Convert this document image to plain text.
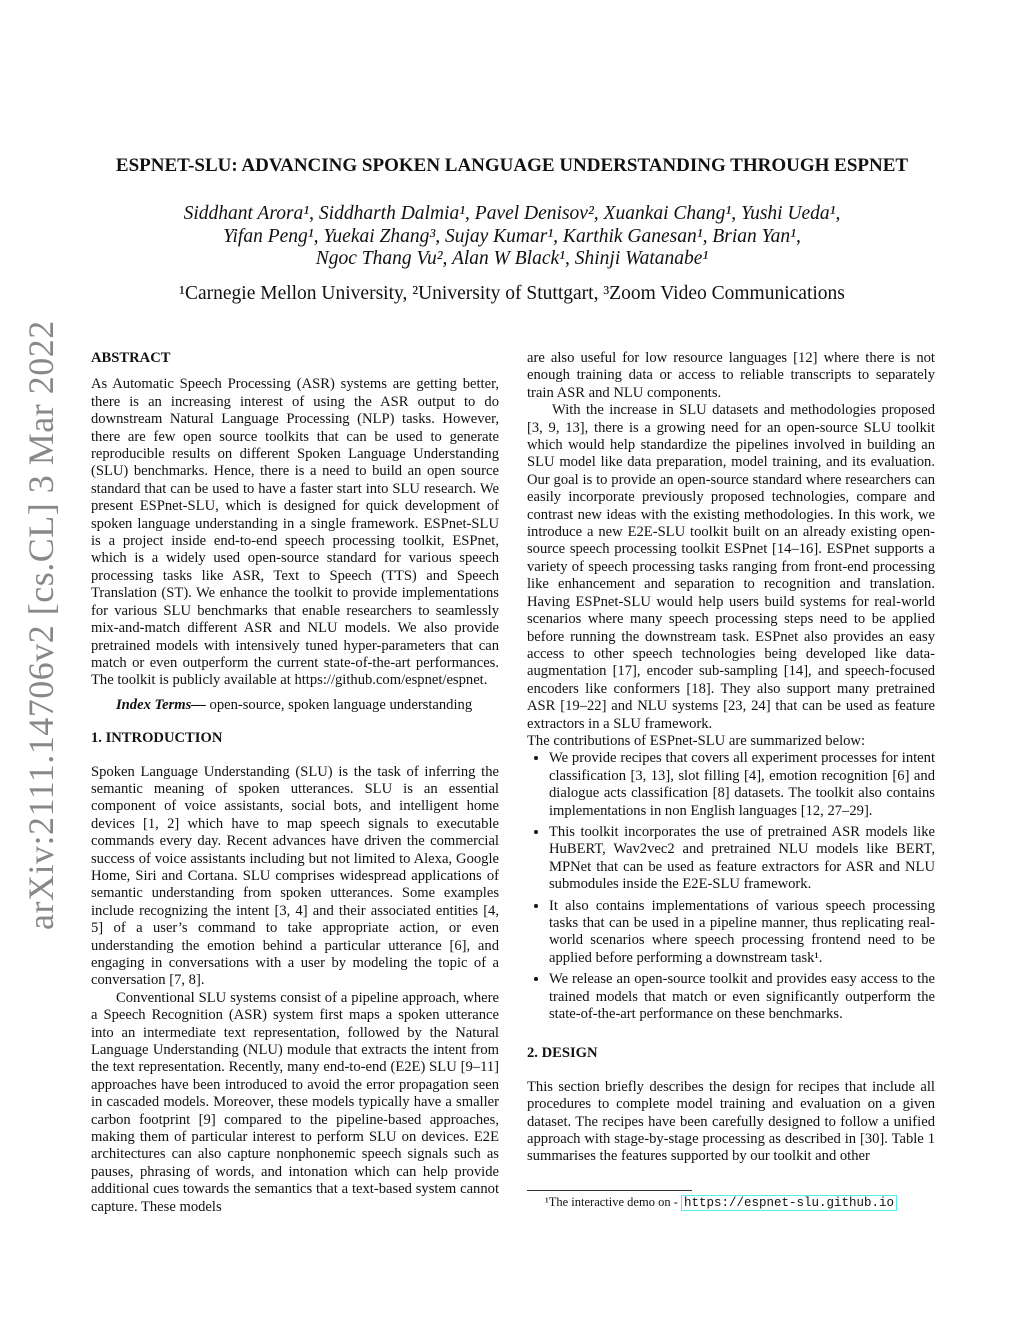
arXiv:2111.14706v2 [cs.CL] 3 Mar 2022
ESPNET-SLU: ADVANCING SPOKEN LANGUAGE UNDERSTANDING THROUGH ESPNET
Siddhant Arora¹, Siddharth Dalmia¹, Pavel Denisov², Xuankai Chang¹, Yushi Ueda¹,
Yifan Peng¹, Yuekai Zhang³, Sujay Kumar¹, Karthik Ganesan¹, Brian Yan¹,
Ngoc Thang Vu², Alan W Black¹, Shinji Watanabe¹
¹Carnegie Mellon University, ²University of Stuttgart, ³Zoom Video Communications

ABSTRACT

As Automatic Speech Processing (ASR) systems are getting better, there is an increasing interest of using the ASR output to do downstream Natural Language Processing (NLP) tasks. However, there are few open source toolkits that can be used to generate reproducible results on different Spoken Language Understanding (SLU) benchmarks. Hence, there is a need to build an open source standard that can be used to have a faster start into SLU research. We present ESPnet-SLU, which is designed for quick development of spoken language understanding in a single framework. ESPnet-SLU is a project inside end-to-end speech processing toolkit, ESPnet, which is a widely used open-source standard for various speech processing tasks like ASR, Text to Speech (TTS) and Speech Translation (ST). We enhance the toolkit to provide implementations for various SLU benchmarks that enable researchers to seamlessly mix-and-match different ASR and NLU models. We also provide pretrained models with intensively tuned hyper-parameters that can match or even outperform the current state-of-the-art performances. The toolkit is publicly available at https://github.com/espnet/espnet.

Index Terms— open-source, spoken language understanding

1. INTRODUCTION

Spoken Language Understanding (SLU) is the task of inferring the semantic meaning of spoken utterances. SLU is an essential component of voice assistants, social bots, and intelligent home devices [1, 2] which have to map speech signals to executable commands every day. Recent advances have driven the commercial success of voice assistants including but not limited to Alexa, Google Home, Siri and Cortana. SLU comprises widespread applications of semantic understanding from spoken utterances. Some examples include recognizing the intent [3, 4] and their associated entities [4, 5] of a user’s command to take appropriate action, or even understanding the emotion behind a particular utterance [6], and engaging in conversations with a user by modeling the topic of a conversation [7, 8].

Conventional SLU systems consist of a pipeline approach, where a Speech Recognition (ASR) system first maps a spoken utterance into an intermediate text representation, followed by the Natural Language Understanding (NLU) module that extracts the intent from the text representation. Recently, many end-to-end (E2E) SLU [9–11] approaches have been introduced to avoid the error propagation seen in cascaded models. Moreover, these models typically have a smaller carbon footprint [9] compared to the pipeline-based approaches, making them of particular interest to perform SLU on devices. E2E architectures can also capture nonphonemic speech signals such as pauses, phrasing of words, and intonation which can help provide additional cues towards the semantics that a text-based system cannot capture. These models

are also useful for low resource languages [12] where there is not enough training data or access to reliable transcripts to separately train ASR and NLU components.

With the increase in SLU datasets and methodologies proposed [3, 9, 13], there is a growing need for an open-source SLU toolkit which would help standardize the pipelines involved in building an SLU model like data preparation, model training, and its evaluation. Our goal is to provide an open-source standard where researchers can easily incorporate previously proposed technologies, compare and contrast new ideas with the existing methodologies. In this work, we introduce a new E2E-SLU toolkit built on an already existing open-source speech processing toolkit ESPnet [14–16]. ESPnet supports a variety of speech processing tasks ranging from front-end processing like enhancement and separation to recognition and translation. Having ESPnet-SLU would help users build systems for real-world scenarios where many speech processing steps need to be applied before running the downstream task. ESPnet also provides an easy access to other speech technologies being developed like data-augmentation [17], encoder sub-sampling [14], and speech-focused encoders like conformers [18]. They also support many pretrained ASR [19–22] and NLU systems [23, 24] that can be used as feature extractors in a SLU framework.

The contributions of ESPnet-SLU are summarized below:

• We provide recipes that covers all experiment processes for intent classification [3, 13], slot filling [4], emotion recognition [6] and dialogue acts classification [8] datasets. The toolkit also contains implementations in non English languages [12, 27–29].
• This toolkit incorporates the use of pretrained ASR models like HuBERT, Wav2vec2 and pretrained NLU models like BERT, MPNet that can be used as feature extractors for ASR and NLU submodules inside the E2E-SLU framework.
• It also contains implementations of various speech processing tasks that can be used in a pipeline manner, thus replicating real-world scenarios where speech processing frontend need to be applied before performing a downstream task¹.
• We release an open-source toolkit and provides easy access to the trained models that match or even significantly outperform the state-of-the-art performance on these benchmarks.

2. DESIGN

This section briefly describes the design for recipes that include all procedures to complete model training and evaluation on a given dataset. The recipes have been carefully designed to follow a unified approach with stage-by-stage processing as described in [30]. Table 1 summarises the features supported by our toolkit and other

¹The interactive demo on - https://espnet-slu.github.io
